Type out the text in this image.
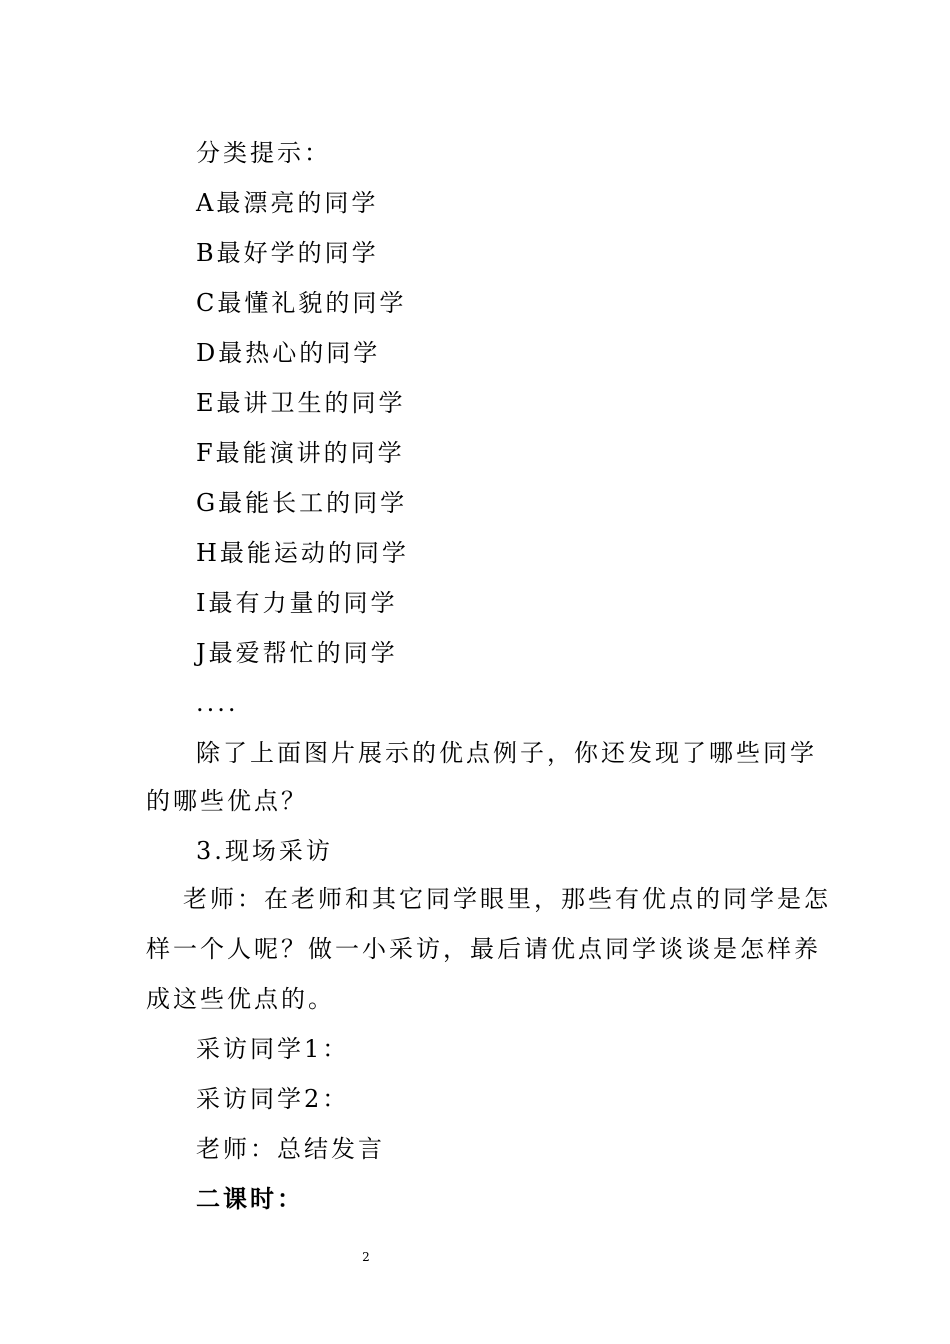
分类提示：
A最漂亮的同学
B最好学的同学
C最懂礼貌的同学
D最热心的同学
E最讲卫生的同学
F最能演讲的同学
G最能长工的同学
H最能运动的同学
I最有力量的同学
J最爱帮忙的同学
....
除了上面图片展示的优点例子，你还发现了哪些同学
的哪些优点？
3.现场采访
老师：在老师和其它同学眼里，那些有优点的同学是怎
样一个人呢？做一小采访，最后请优点同学谈谈是怎样养
成这些优点的。
采访同学1：
采访同学2：
老师：总结发言
二课时：
2
